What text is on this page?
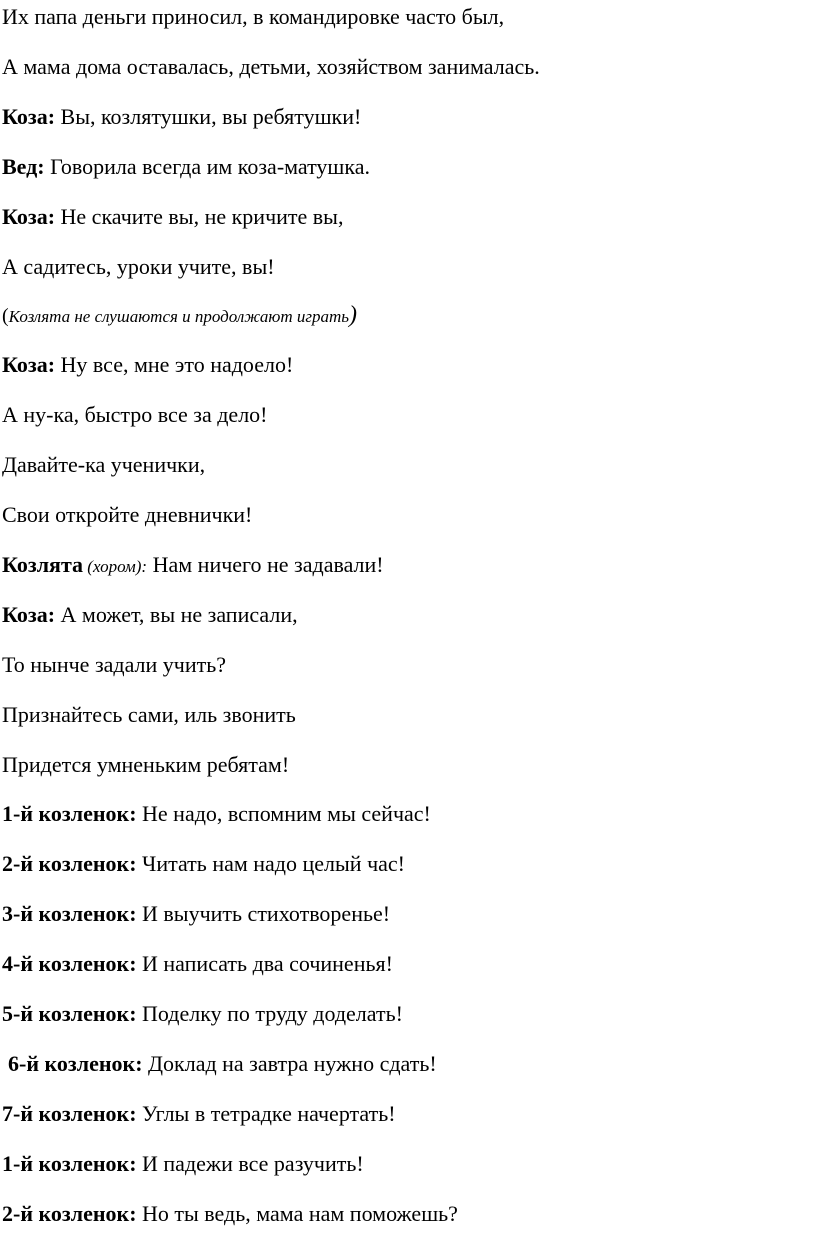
Их папа деньги приносил, в командировке часто был,
А мама дома оставалась, детьми, хозяйством занималась.
Коза: Вы, козлятушки, вы ребятушки!
Вед: Говорила всегда им коза-матушка.
Коза: Не скачите вы, не кричите вы,
А садитесь, уроки учите, вы!
(Козлята не слушаются и продолжают играть)
Коза: Ну все, мне это надоело!
А ну-ка, быстро все за дело!
Давайте-ка ученички,
Свои откройте дневнички!
Козлята (хором): Нам ничего не задавали!
Коза: А может, вы не записали,
То нынче задали учить?
Признайтесь сами, иль звонить
Придется умненьким ребятам!
1-й козленок: Не надо, вспомним мы сейчас!
2-й козленок: Читать нам надо целый час!
3-й козленок: И выучить стихотворенье!
4-й козленок: И написать два сочиненья!
5-й козленок: Поделку по труду доделать!
6-й козленок: Доклад на завтра нужно сдать!
7-й козленок: Углы в тетрадке начертать!
1-й козленок: И падежи все разучить!
2-й козленок: Но ты ведь, мама нам поможешь?
